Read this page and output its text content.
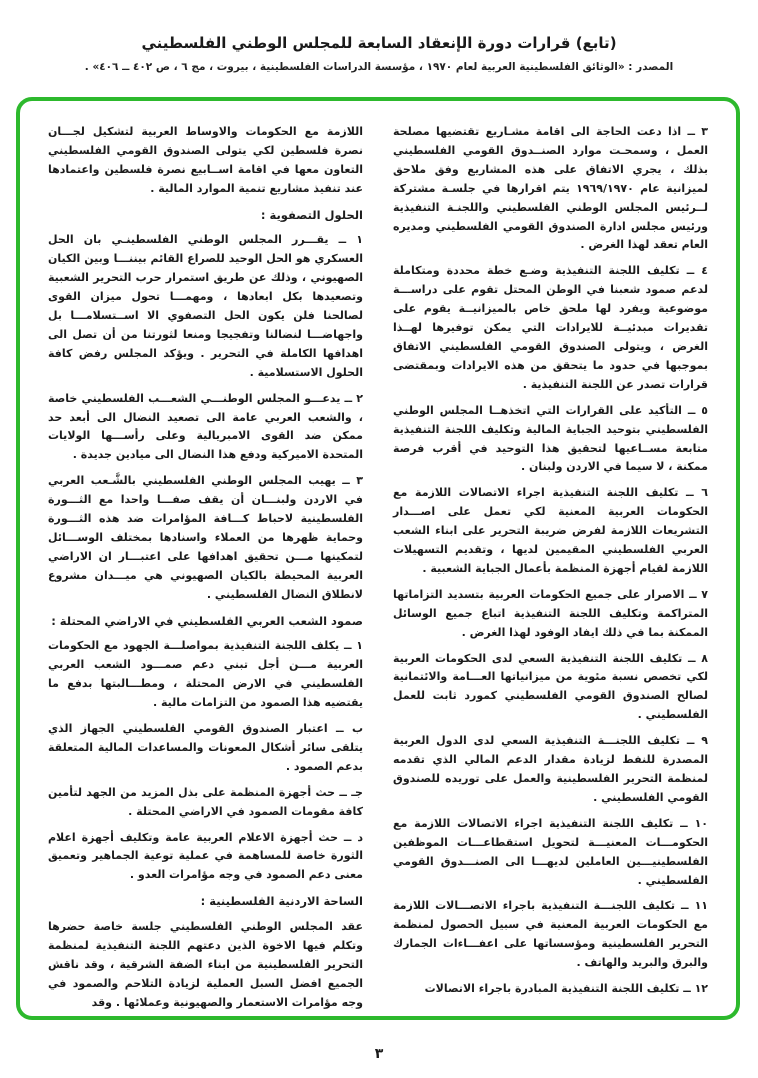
(تابع) قرارات دورة الإنعقاد السابعة للمجلس الوطني الفلسطيني
المصدر : «الوثائق الفلسطينية العربية لعام ١٩٧٠ ، مؤسسة الدراسات الفلسطينية ، بيروت ، مج ٦ ، ص ٤٠٢ ــ ٤٠٦» .

٣ ــ اذا دعت الحاجة الى اقامة مشـاريع تقتضيها مصلحة العمل ، وسمحـت موارد الصنــدوق القومي الفلسطيني بذلك ، يجري الاتفاق على هذه المشاريع وفق ملاحق لميزانية عام ١٩٦٩/١٩٧٠ يتم اقرارها في جلسـة مشتركة لــرئيس المجلس الوطني الفلسطيني واللجنـة التنفيذية ورئيس مجلس ادارة الصندوق القومي الفلسطيني ومديره العام تعقد لهذا الغرض .

٤ ــ تكليف اللجنة التنفيذية وضـع خطة محددة ومتكاملة لدعم صمود شعبنا في الوطن المحتل تقوم على دراســـة موضوعية ويفرد لها ملحق خاص بالميزانيــة يقوم على تقديرات مبدئيــة للايرادات التي يمكن توفيرها لهــذا الغرض ، ويتولى الصندوق القومي الفلسطيني الاتفاق بموجبها في حدود ما يتحقق من هذه الايرادات وبمقتضى قرارات تصدر عن اللجنة التنفيذية .

٥ ــ التأكيد على القرارات التي اتخذهــا المجلس الوطني الفلسطيني بتوحيد الجباية المالية وتكليف اللجنة التنفيذية متابعة مســاعيها لتحقيق هذا التوحيد في أقرب فرصة ممكنة ، لا سيما في الاردن ولبنان .

٦ ــ تكليف اللجنة التنفيذية اجراء الاتصالات اللازمة مع الحكومات العربية المعنية لكي تعمل على اصـــدار التشريعات اللازمة لفرض ضريبة التحرير على ابناء الشعب العربي الفلسطيني المقيمين لديها ، وتقديم التسهيلات اللازمة لقيام أجهزة المنظمة بأعمال الجباية الشعبية .

٧ ــ الاصرار على جميع الحكومات العربية بتسديد التزاماتها المتراكمة وتكليف اللجنة التنفيذية اتباع جميع الوسائل الممكنة بما في ذلك ايفاد الوفود لهذا الغرض .

٨ ــ تكليف اللجنة التنفيذية السعي لدى الحكومات العربية لكي تخصص نسبة مئوية من ميزانياتها العـــامة والائتمانية لصالح الصندوق القومي الفلسطيني كمورد ثابت للعمل الفلسطيني .

٩ ــ تكليف اللجنـــة التنفيذية السعي لدى الدول العربية المصدرة للنفط لزيادة مقدار الدعم المالي الذي تقدمه لمنظمة التحرير الفلسطينية والعمل على توريده للصندوق القومي الفلسطيني .

١٠ ــ تكليف اللجنة التنفيذية اجراء الاتصالات اللازمة مع الحكومـــات المعنيـــة لتحويل استقطاعـــات الموظفين الفلسطينيـــين العاملين لديهـــا الى الصنـــدوق القومي الفلسطيني .

١١ ــ تكليف اللجنـــة التنفيذية باجراء الاتصـــالات اللازمة مع الحكومات العربية المعنية في سبيل الحصول لمنظمة التحرير الفلسطينية ومؤسساتها على اعفـــاءات الجمارك والبرق والبريد والهاتف .

١٢ ــ تكليف اللجنة التنفيذية المبادرة باجراء الاتصالات

اللازمة مع الحكومات والاوساط العربية لتشكيل لجـــان نصرة فلسطين لكي يتولى الصندوق القومي الفلسطيني التعاون معها في اقامة اســابيع نصرة فلسطين واعتمادها عند تنفيذ مشاريع تنمية الموارد المالية .

الحلول التصفوية :

١ ــ يقـــرر المجلس الوطني الفلسطينـي بان الحل العسكري هو الحل الوحيد للصراع القائم بيننـــا وبين الكيان الصهيوني ، وذلك عن طريق استمرار حرب التحرير الشعبية وتصعيدها بكل ابعادها ، ومهمـــا تحول ميزان القوى لصالحنا فلن يكون الحل التصفوي الا اســتسلامـــا بل واجهاضـــا لنضالنا وتفجيجا ومنعا لثورتنا من أن تصل الى اهدافها الكاملة في التحرير . ويؤكد المجلس رفض كافة الحلول الاستسلامية .

٢ ــ يدعـــو المجلس الوطنـــي الشعـــب الفلسطيني خاصة ، والشعب العربي عامة الى تصعيد النضال الى أبعد حد ممكن ضد القوى الامبريالية وعلى رأســـها الولايات المتحدة الاميركية ودفع هذا النضال الى ميادين جديدة .

٣ ــ يهيب المجلس الوطني الفلسطيني بالشَّـعب العربي في الاردن ولبنـــان أن يقف صفـــا واحدا مع الثـــورة الفلسطينية لاحباط كـــافة المؤامرات ضد هذه الثـــورة وحماية ظهرها من العملاء واسنادها بمختلف الوســـائل لتمكينها مـــن تحقيق اهدافها على اعتبـــار ان الاراضي العربية المحيطة بالكيان الصهيوني هي ميـــدان مشروع لانطلاق النضال الفلسطيني .

صمود الشعب العربي الفلسطيني في الاراضي المحتلة :

١ ــ يكلف اللجنة التنفيذية بمواصلـــة الجهود مع الحكومات العربية مـــن أجل تبني دعم صمـــود الشعب العربي الفلسطيني في الارض المحتلة ، ومطـــالبتها بدفع ما يقتضيه هذا الصمود من التزامات مالية .

ب ــ اعتبار الصندوق القومي الفلسطيني الجهاز الذي يتلقى سائر أشكال المعونات والمساعدات المالية المتعلقة بدعم الصمود .

جـ ــ حث أجهزة المنظمة على بذل المزيد من الجهد لتأمين كافة مقومات الصمود في الاراضي المحتلة .

د ــ حث أجهزة الاعلام العربية عامة وتكليف أجهزة اعلام الثورة خاصة للمساهمة في عملية توعية الجماهير وتعميق معنى دعم الصمود في وجه مؤامرات العدو .

الساحة الاردنية الفلسطينية :

عقد المجلس الوطني الفلسطيني جلسة خاصة حضرها وتكلم فيها الاخوة الذين دعتهم اللجنة التنفيذية لمنظمة التحرير الفلسطينية من ابناء الضفة الشرقية ، وقد ناقش الجميع افضل السبل العملية لزيادة التلاحم والصمود في وجه مؤامرات الاستعمار والصهيونية وعملائها . وقد

٣
